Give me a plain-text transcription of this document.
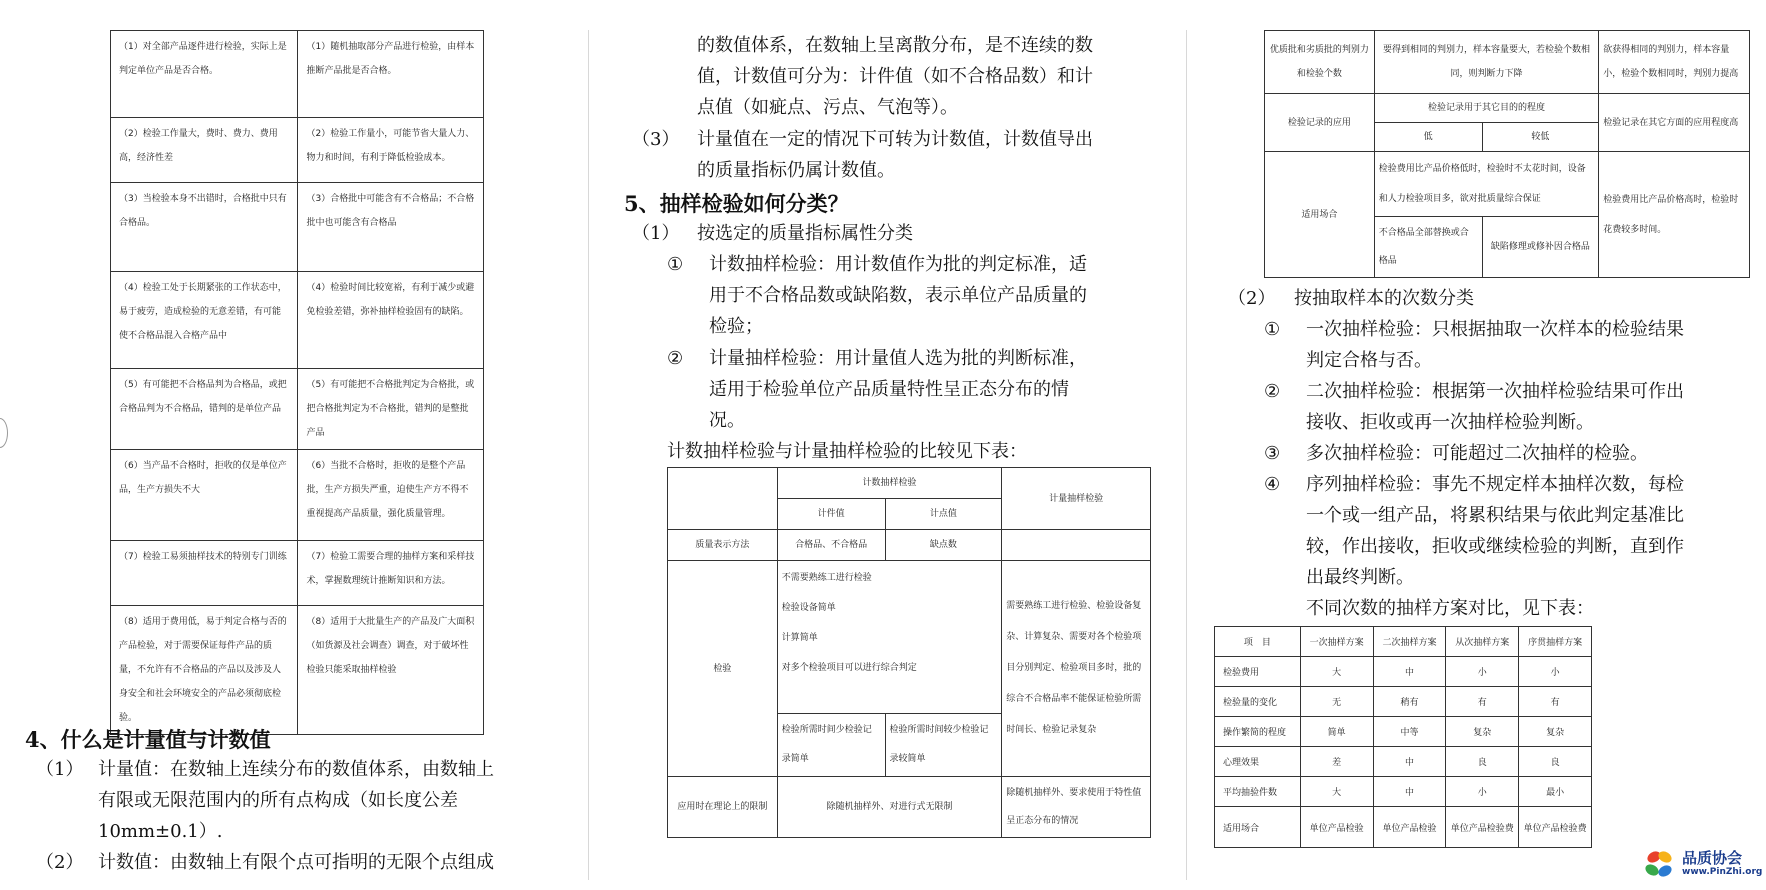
（1）对全部产品逐件进行检验，实际上是判定单位产品是否合格。	（1）随机抽取部分产品进行检验，由样本推断产品批是否合格。
（2）检验工作量大，费时、费力、费用高，经济性差	（2）检验工作量小，可能节省大量人力、物力和时间，有利于降低检验成本。
（3）当检验本身不出错时，合格批中只有合格品。	（3）合格批中可能含有不合格品；不合格批中也可能含有合格品
（4）检验工处于长期紧张的工作状态中，易于疲劳，造成检验的无意差错，有可能使不合格品混入合格产品中	（4）检验时间比较宽裕，有利于减少或避免检验差错，弥补抽样检验固有的缺陷。
（5）有可能把不合格品判为合格品，或把合格品判为不合格品，错判的是单位产品	（5）有可能把不合格批判定为合格批，或把合格批判定为不合格批，错判的是整批产品
（6）当产品不合格时，拒收的仅是单位产品，生产方损失不大	（6）当批不合格时，拒收的是整个产品批，生产方损失严重，迫使生产方不得不重视提高产品质量，强化质量管理。
（7）检验工易须抽样技术的特别专门训练	（7）检验工需要合理的抽样方案和采样技术，掌握数理统计推断知识和方法。
（8）适用于费用低，易于判定合格与否的产品检验，对于需要保证每件产品的质量，不允许有不合格品的产品以及涉及人身安全和社会环境安全的产品必须彻底检验。	（8）适用于大批量生产的产品及广大面积（如货源及社会调查）调查，对于破坏性检验只能采取抽样检验
4、什么是计量值与计数值
（1） 计量值：在数轴上连续分布的数值体系，由数轴上
有限或无限范围内的所有点构成（如长度公差
10mm±0.1）.
（2） 计数值：由数轴上有限个点可指明的无限个点组成
的数值体系，在数轴上呈离散分布，是不连续的数
值，计数值可分为：计件值（如不合格品数）和计
点值（如疵点、污点、气泡等）。
（3） 计量值在一定的情况下可转为计数值，计数值导出
的质量指标仍属计数值。
5、抽样检验如何分类？
（1） 按选定的质量指标属性分类
① 计数抽样检验：用计数值作为批的判定标准，适
用于不合格品数或缺陷数，表示单位产品质量的
检验；
② 计量抽样检验：用计量值人选为批的判断标准，
适用于检验单位产品质量特性呈正态分布的情
况。
计数抽样检验与计量抽样检验的比较见下表：
	计数抽样检验		计量抽样检验
	计件值	计点值	
质量表示方法	合格品、不合格品	缺点数	
检验	不需要熟练工进行检验
检验设备简单
计算简单
对多个检验项目可以进行综合判定		需要熟练工进行检验、检验设备复杂、计算复杂、需要对各个检验项目分别判定、检验项目多时，批的综合不合格品率不能保证检验所需时间长、检验记录复杂
	检验所需时间少检验记录简单	检验所需时间较少检验记录较简单	
应用时在理论上的限制	除随机抽样外、对进行式无限制		除随机抽样外、要求使用于特性值呈正态分布的情况
优质批和劣质批的判别力和检验个数	要得到相同的判别力，样本容量要大，若检验个数相同，则判断力下降		欲获得相同的判别力，样本容量小，检验个数相同时，判别力提高
检验记录的应用	检验记录用于其它目的的程度		检验记录在其它方面的应用程度高
	低	较低	
适用场合	检验费用比产品价格低时，检验时不太花时间，设备和人力检验项目多，欲对批质量综合保证		检验费用比产品价格高时，检验时花费较多时间。
	不合格品全部替换或合格品	缺陷修理或修补因合格品	
（2） 按抽取样本的次数分类
① 一次抽样检验：只根据抽取一次样本的检验结果
判定合格与否。
② 二次抽样检验：根据第一次抽样检验结果可作出
接收、拒收或再一次抽样检验判断。
③ 多次抽样检验：可能超过二次抽样的检验。
④ 序列抽样检验：事先不规定样本抽样次数，每检
一个或一组产品，将累积结果与依此判定基准比
较，作出接收，拒收或继续检验的判断，直到作
出最终判断。
不同次数的抽样方案对比，见下表：
项　目	一次抽样方案	二次抽样方案	从次抽样方案	序贯抽样方案
检验费用	大	中	小	小
检验量的变化	无	稍有	有	有
操作繁简的程度	简单	中等	复杂	复杂
心理效果	差	中	良	良
平均抽验件数	大	中	小	最小
适用场合	单位产品检验	单位产品检验	单位产品检验费	单位产品检验费
品质协会
www.PinZhi.org
